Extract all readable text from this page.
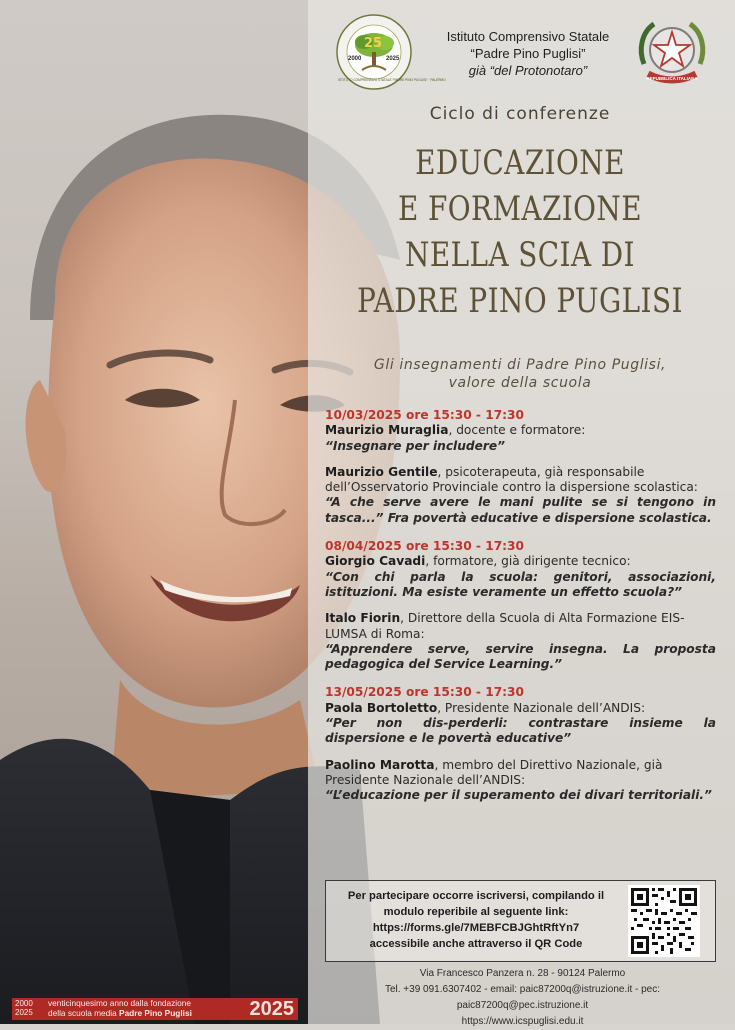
25
2000	2025
ISTITUTO COMPRENSIVO STATALE “PADRE PINO PUGLISI” · PALERMO
Istituto Comprensivo Statale
“Padre Pino Puglisi”
già “del Protonotaro”
REPUBBLICA ITALIANA
Ciclo di conferenze
EDUCAZIONE
E FORMAZIONE
NELLA SCIA DI
PADRE PINO PUGLISI
Gli insegnamenti di Padre Pino Puglisi,
valore della scuola
10/03/2025 ore 15:30 - 17:30
Maurizio Muraglia, docente e formatore:
“Insegnare per includere”
Maurizio Gentile, psicoterapeuta, già responsabile dell’Osservatorio Provinciale contro la dispersione scolastica:
“A che serve avere le mani pulite se si tengono in tasca...” Fra povertà educative e dispersione scolastica.
08/04/2025 ore 15:30 - 17:30
Giorgio Cavadi, formatore, già dirigente tecnico:
“Con chi parla la scuola: genitori, associazioni, istituzioni. Ma esiste veramente un effetto scuola?”
Italo Fiorin, Direttore della Scuola di Alta Formazione EIS-LUMSA di Roma:
“Apprendere serve, servire insegna. La proposta pedagogica del Service Learning.”
13/05/2025 ore 15:30 - 17:30
Paola Bortoletto, Presidente Nazionale dell’ANDIS:
“Per non dis-perderli: contrastare insieme la dispersione e le povertà educative”
Paolino Marotta, membro del Direttivo Nazionale, già Presidente Nazionale dell’ANDIS:
“L’educazione per il superamento dei divari territoriali.”
Per partecipare occorre iscriversi, compilando il
modulo reperibile al seguente link:
https://forms.gle/7MEBFCBJGhtRftYn7
accessibile anche attraverso il QR Code
Via Francesco Panzera n. 28 - 90124 Palermo
Tel. +39 091.6307402 - email: paic87200q@istruzione.it - pec: paic87200q@pec.istruzione.it
https://www.icspuglisi.edu.it
2000
2025
venticinquesimo anno dalla fondazione
della scuola media Padre Pino Puglisi	2025
